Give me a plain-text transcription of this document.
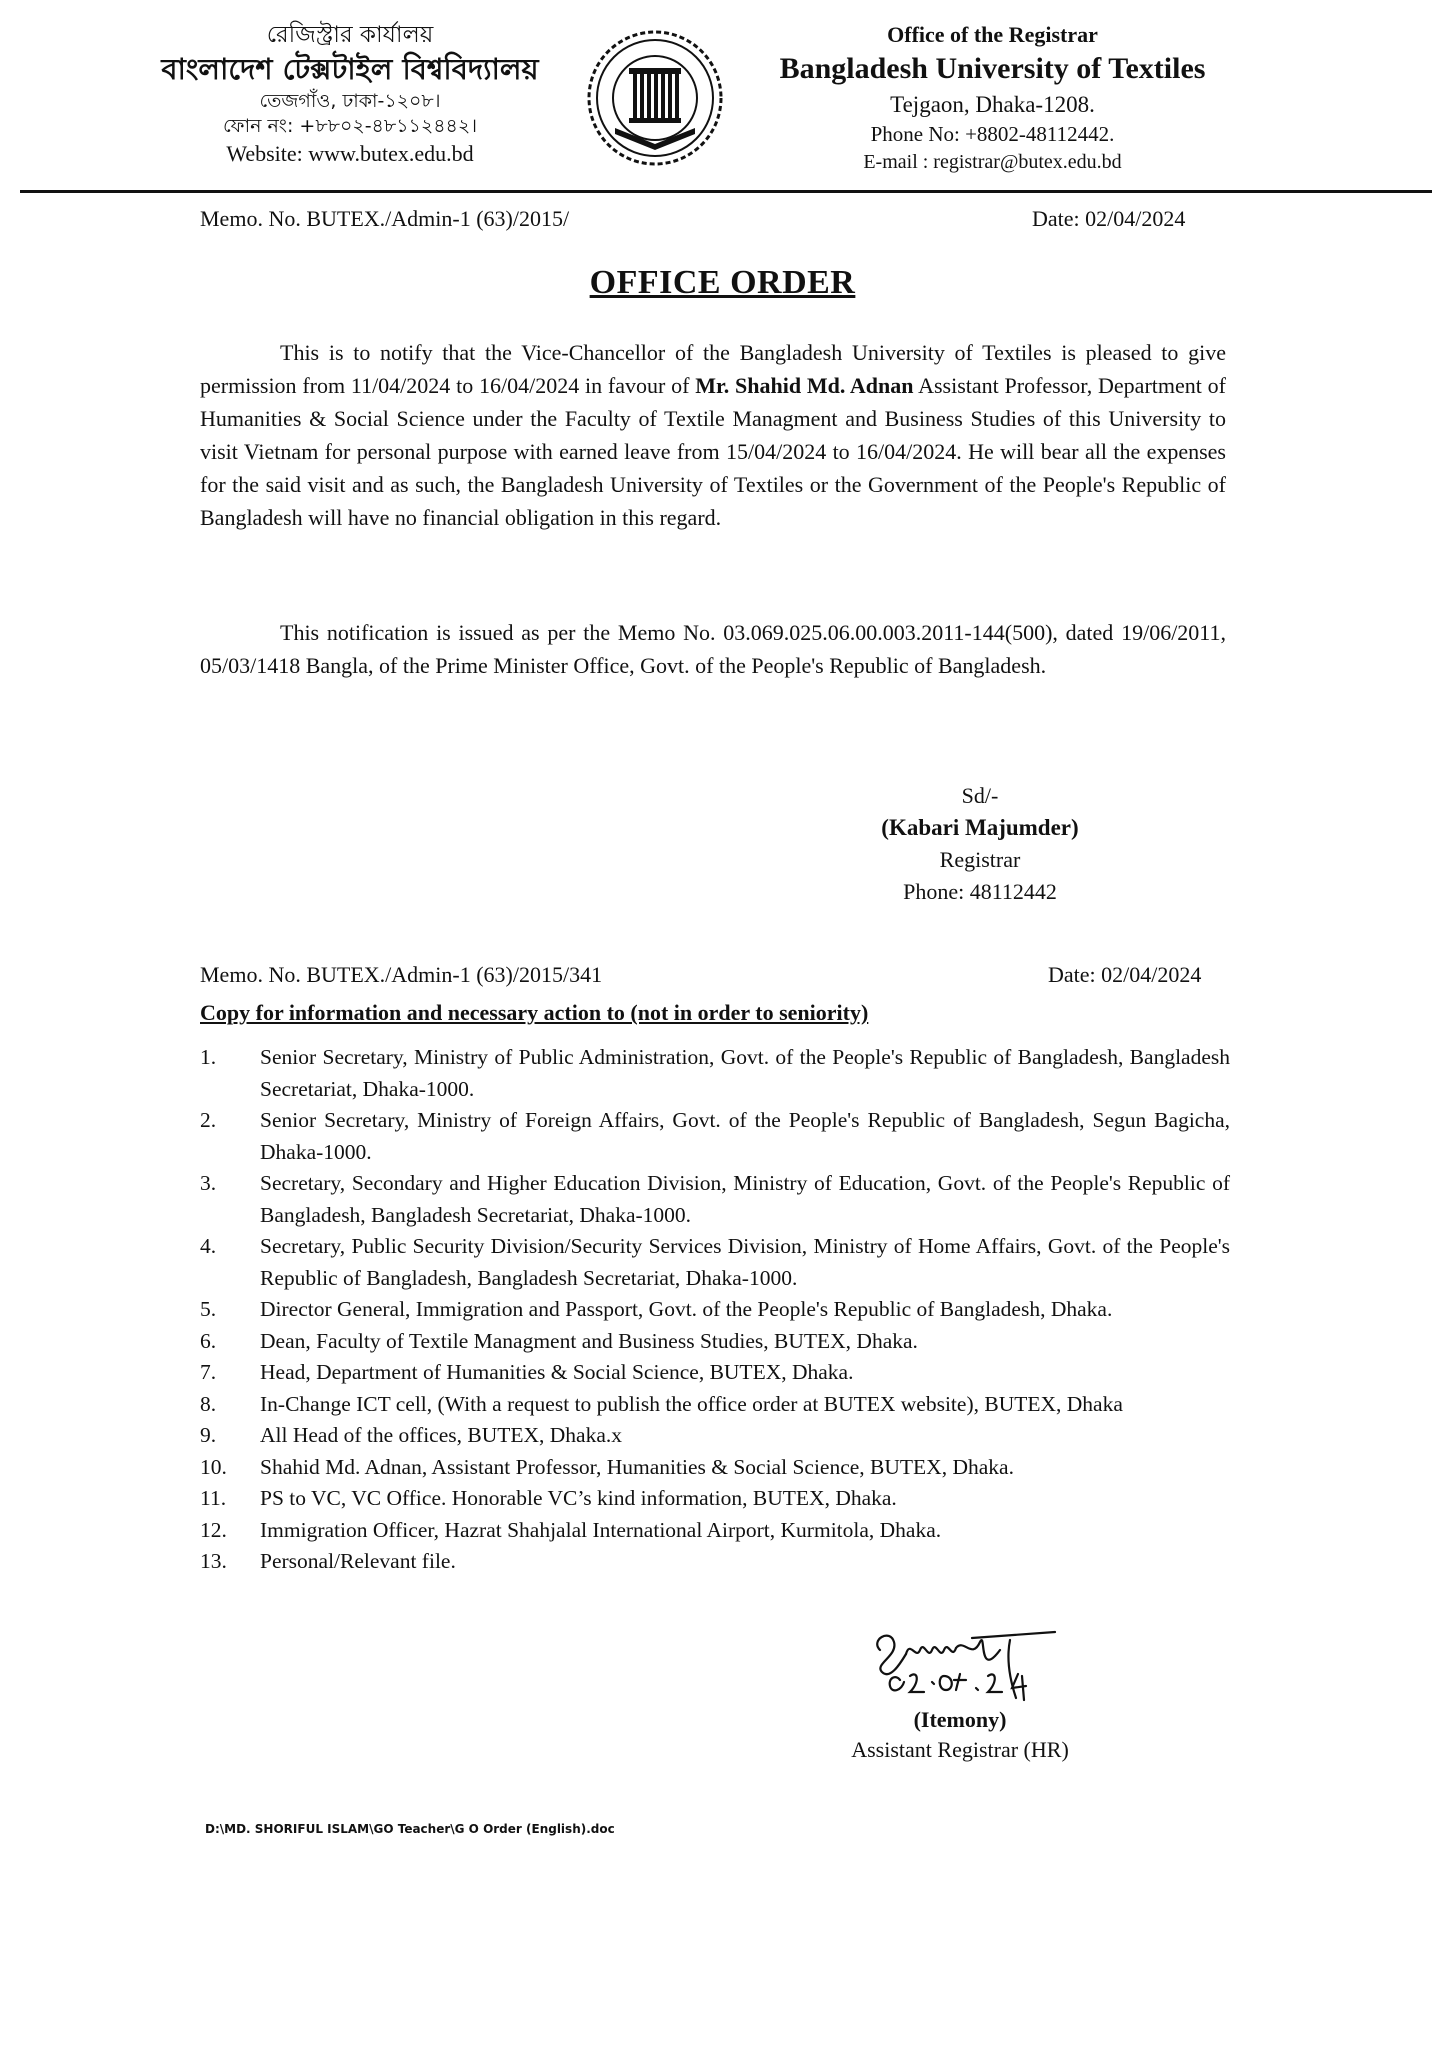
রেজিস্ট্রার কার্যালয়
বাংলাদেশ টেক্সটাইল বিশ্ববিদ্যালয়
তেজগাঁও, ঢাকা-১২০৮।
ফোন নং: +৮৮০২-৪৮১১২৪৪২।
Website: www.butex.edu.bd
Office of the Registrar
Bangladesh University of Textiles
Tejgaon, Dhaka-1208.
Phone No: +8802-48112442.
E-mail : registrar@butex.edu.bd
Memo. No. BUTEX./Admin-1 (63)/2015/	Date: 02/04/2024
OFFICE ORDER

This is to notify that the Vice-Chancellor of the Bangladesh University of Textiles is pleased to give permission from 11/04/2024 to 16/04/2024 in favour of Mr. Shahid Md. Adnan Assistant Professor, Department of Humanities & Social Science under the Faculty of Textile Managment and Business Studies of this University to visit Vietnam for personal purpose with earned leave from 15/04/2024 to 16/04/2024. He will bear all the expenses for the said visit and as such, the Bangladesh University of Textiles or the Government of the People's Republic of Bangladesh will have no financial obligation in this regard.

This notification is issued as per the Memo No. 03.069.025.06.00.003.2011-144(500), dated 19/06/2011, 05/03/1418 Bangla, of the Prime Minister Office, Govt. of the People's Republic of Bangladesh.

Sd/-
(Kabari Majumder)
Registrar
Phone: 48112442
Memo. No. BUTEX./Admin-1 (63)/2015/341	Date: 02/04/2024
Copy for information and necessary action to (not in order to seniority)
1. Senior Secretary, Ministry of Public Administration, Govt. of the People's Republic of Bangladesh, Bangladesh Secretariat, Dhaka-1000.
2. Senior Secretary, Ministry of Foreign Affairs, Govt. of the People's Republic of Bangladesh, Segun Bagicha, Dhaka-1000.
3. Secretary, Secondary and Higher Education Division, Ministry of Education, Govt. of the People's Republic of Bangladesh, Bangladesh Secretariat, Dhaka-1000.
4. Secretary, Public Security Division/Security Services Division, Ministry of Home Affairs, Govt. of the People's Republic of Bangladesh, Bangladesh Secretariat, Dhaka-1000.
5. Director General, Immigration and Passport, Govt. of the People's Republic of Bangladesh, Dhaka.
6. Dean, Faculty of Textile Managment and Business Studies, BUTEX, Dhaka.
7. Head, Department of Humanities & Social Science, BUTEX, Dhaka.
8. In-Change ICT cell, (With a request to publish the office order at BUTEX website), BUTEX, Dhaka
9. All Head of the offices, BUTEX, Dhaka.x
10. Shahid Md. Adnan, Assistant Professor, Humanities & Social Science, BUTEX, Dhaka.
11. PS to VC, VC Office. Honorable VC’s kind information, BUTEX, Dhaka.
12. Immigration Officer, Hazrat Shahjalal International Airport, Kurmitola, Dhaka.
13. Personal/Relevant file.
(Itemony)
Assistant Registrar (HR)
D:\MD. SHORIFUL ISLAM\GO Teacher\G O Order (English).doc
